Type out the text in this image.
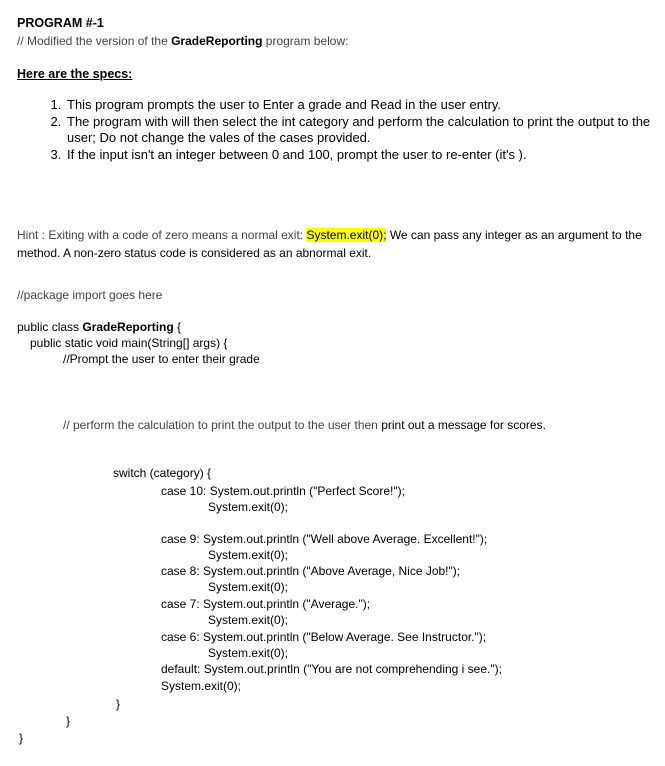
PROGRAM #-1
// Modified the version of the GradeReporting program below:
Here are the specs:
1. This program prompts the user to Enter a grade and Read in the user entry.
2. The program with will then select the int category and perform the calculation to print the output to the user; Do not change the vales of the cases provided.
3. If the input isn't an integer between 0 and 100, prompt the user to re-enter (it's ).
Hint : Exiting with a code of zero means a normal exit: System.exit(0); We can pass any integer as an argument to the method. A non-zero status code is considered as an abnormal exit.
//package import goes here
public class GradeReporting {
public static void main(String[] args) {
//Prompt the user to enter their grade
// perform the calculation to print the output to the user then print out a message for scores.
switch (category) {
case 10: System.out.println ("Perfect Score!");
System.exit(0);
case 9: System.out.println ("Well above Average. Excellent!");
System.exit(0);
case 8: System.out.println ("Above Average, Nice Job!");
System.exit(0);
case 7: System.out.println ("Average.");
System.exit(0);
case 6: System.out.println ("Below Average. See Instructor.");
System.exit(0);
default: System.out.println ("You are not comprehending i see.");
System.exit(0);
}
}
}
